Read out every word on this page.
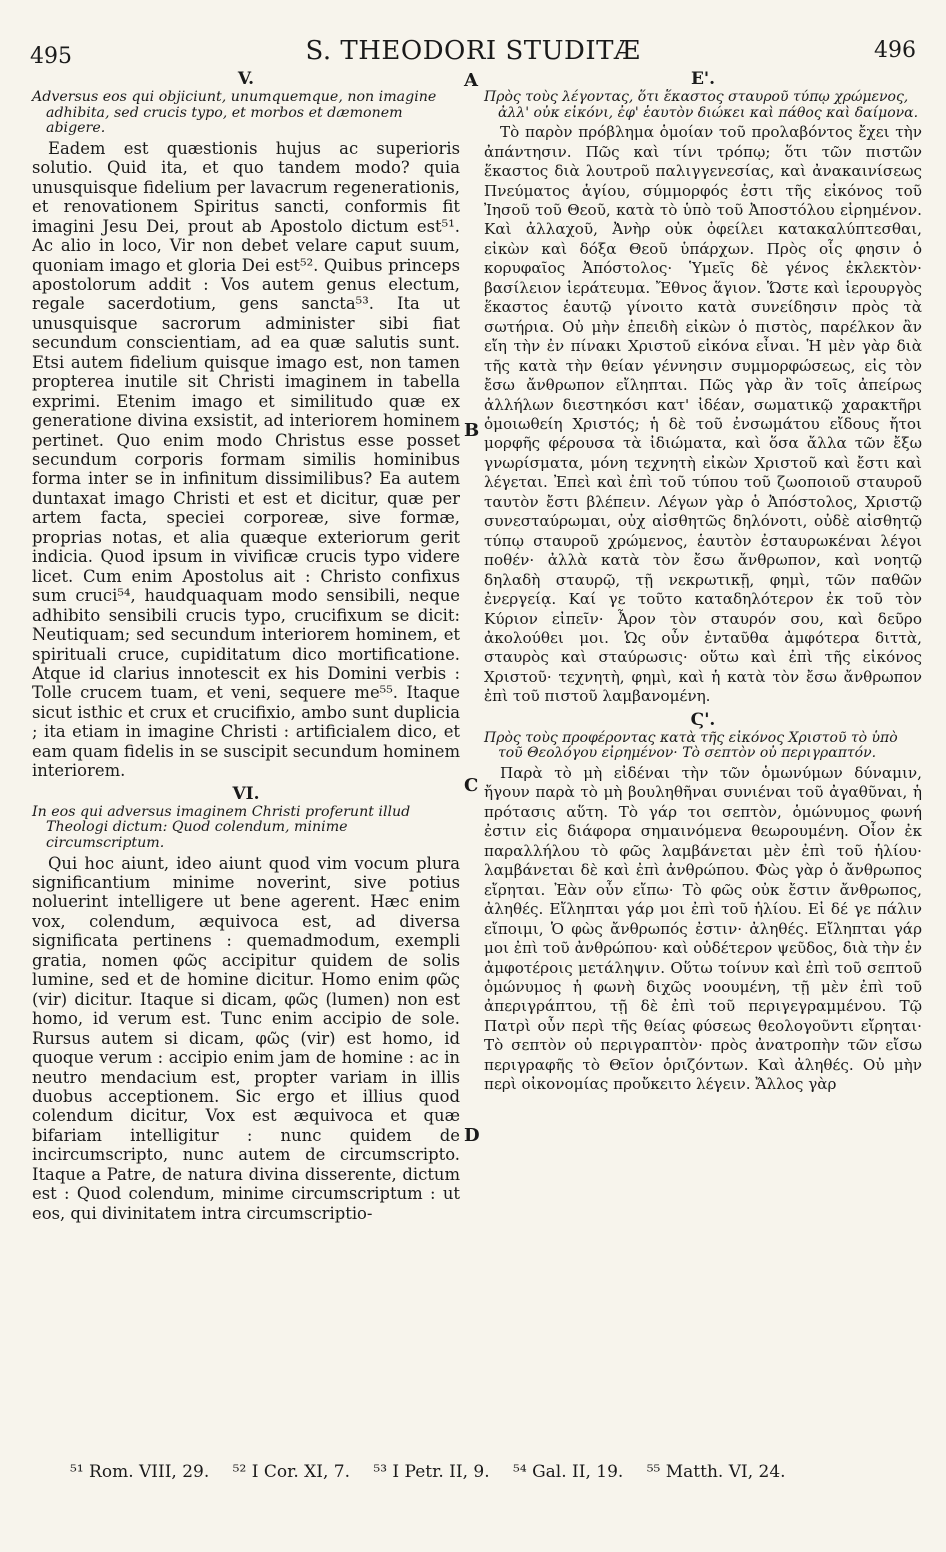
495	S. THEODORI STUDITÆ	496
A
B
C
D

V.

Adversus eos qui objiciunt, unumquemque, non imagine adhibita, sed crucis typo, et morbos et dæmonem abigere.

Eadem est quæstionis hujus ac superioris solutio. Quid ita, et quo tandem modo? quia unusquisque fidelium per lavacrum regenerationis, et renovationem Spiritus sancti, conformis fit imagini Jesu Dei, prout ab Apostolo dictum est⁵¹. Ac alio in loco, Vir non debet velare caput suum, quoniam imago et gloria Dei est⁵². Quibus princeps apostolorum addit : Vos autem genus electum, regale sacerdotium, gens sancta⁵³. Ita ut unusquisque sacrorum administer sibi fiat secundum conscientiam, ad ea quæ salutis sunt. Etsi autem fidelium quisque imago est, non tamen propterea inutile sit Christi imaginem in tabella exprimi. Etenim imago et similitudo quæ ex generatione divina exsistit, ad interiorem hominem pertinet. Quo enim modo Christus esse posset secundum corporis formam similis hominibus forma inter se in infinitum dissimilibus? Ea autem duntaxat imago Christi et est et dicitur, quæ per artem facta, speciei corporeæ, sive formæ, proprias notas, et alia quæque exteriorum gerit indicia. Quod ipsum in vivificæ crucis typo videre licet. Cum enim Apostolus ait : Christo confixus sum cruci⁵⁴, haudquaquam modo sensibili, neque adhibito sensibili crucis typo, crucifixum se dicit: Neutiquam; sed secundum interiorem hominem, et spirituali cruce, cupiditatum dico mortificatione. Atque id clarius innotescit ex his Domini verbis : Tolle crucem tuam, et veni, sequere me⁵⁵. Itaque sicut isthic et crux et crucifixio, ambo sunt duplicia ; ita etiam in imagine Christi : artificialem dico, et eam quam fidelis in se suscipit secundum hominem interiorem.

VI.

In eos qui adversus imaginem Christi proferunt illud Theologi dictum: Quod colendum, minime circumscriptum.

Qui hoc aiunt, ideo aiunt quod vim vocum plura significantium minime noverint, sive potius noluerint intelligere ut bene agerent. Hæc enim vox, colendum, æquivoca est, ad diversa significata pertinens : quemadmodum, exempli gratia, nomen φῶς accipitur quidem de solis lumine, sed et de homine dicitur. Homo enim φῶς (vir) dicitur. Itaque si dicam, φῶς (lumen) non est homo, id verum est. Tunc enim accipio de sole. Rursus autem si dicam, φῶς (vir) est homo, id quoque verum : accipio enim jam de homine : ac in neutro mendacium est, propter variam in illis duobus acceptionem. Sic ergo et illius quod colendum dicitur, Vox est æquivoca et quæ bifariam intelligitur : nunc quidem de incircumscripto, nunc autem de circumscripto. Itaque a Patre, de natura divina disserente, dictum est : Quod colendum, minime circumscriptum : ut eos, qui divinitatem intra circumscriptio-

Ε'.

Πρὸς τοὺς λέγοντας, ὅτι ἕκαστος σταυροῦ τύπῳ χρώμενος, ἀλλ' οὐκ εἰκόνι, ἐφ' ἑαυτὸν διώκει καὶ πάθος καὶ δαίμονα.

Τὸ παρὸν πρόβλημα ὁμοίαν τοῦ προλαβόντος ἔχει τὴν ἀπάντησιν. Πῶς καὶ τίνι τρόπῳ; ὅτι τῶν πιστῶν ἕκαστος διὰ λουτροῦ παλιγγενεσίας, καὶ ἀνακαινίσεως Πνεύματος ἁγίου, σύμμορφός ἐστι τῆς εἰκόνος τοῦ Ἰησοῦ τοῦ Θεοῦ, κατὰ τὸ ὑπὸ τοῦ Ἀποστόλου εἰρημένον. Καὶ ἀλλαχοῦ, Ἀνὴρ οὐκ ὀφείλει κατακαλύπτεσθαι, εἰκὼν καὶ δόξα Θεοῦ ὑπάρχων. Πρὸς οἷς φησιν ὁ κορυφαῖος Ἀπόστολος· Ὑμεῖς δὲ γένος ἐκλεκτὸν· βασίλειον ἱεράτευμα. Ἔθνος ἅγιον. Ὥστε καὶ ἱερουργὸς ἕκαστος ἑαυτῷ γίνοιτο κατὰ συνείδησιν πρὸς τὰ σωτήρια. Οὐ μὴν ἐπειδὴ εἰκὼν ὁ πιστὸς, παρέλκον ἂν εἴη τὴν ἐν πίνακι Χριστοῦ εἰκόνα εἶναι. Ἡ μὲν γὰρ διὰ τῆς κατὰ τὴν θείαν γέννησιν συμμορφώσεως, εἰς τὸν ἔσω ἄνθρωπον εἴληπται. Πῶς γὰρ ἂν τοῖς ἀπείρως ἀλλήλων διεστηκόσι κατ' ἰδέαν, σωματικῷ χαρακτῆρι ὁμοιωθείη Χριστός; ἡ δὲ τοῦ ἐνσωμάτου εἴδους ἤτοι μορφῆς φέρουσα τὰ ἰδιώματα, καὶ ὅσα ἄλλα τῶν ἔξω γνωρίσματα, μόνη τεχνητὴ εἰκὼν Χριστοῦ καὶ ἔστι καὶ λέγεται. Ἐπεὶ καὶ ἐπὶ τοῦ τύπου τοῦ ζωοποιοῦ σταυροῦ ταυτὸν ἔστι βλέπειν. Λέγων γὰρ ὁ Ἀπόστολος, Χριστῷ συνεσταύρωμαι, οὐχ αἰσθητῶς δηλόνοτι, οὐδὲ αἰσθητῷ τύπῳ σταυροῦ χρώμενος, ἑαυτὸν ἐσταυρωκέναι λέγοι ποθέν· ἀλλὰ κατὰ τὸν ἔσω ἄνθρωπον, καὶ νοητῷ δηλαδὴ σταυρῷ, τῇ νεκρωτικῇ, φημὶ, τῶν παθῶν ἐνεργείᾳ. Καί γε τοῦτο καταδηλότερον ἐκ τοῦ τὸν Κύριον εἰπεῖν· Ἆρον τὸν σταυρόν σου, καὶ δεῦρο ἀκολούθει μοι. Ὡς οὖν ἐνταῦθα ἀμφότερα διττὰ, σταυρὸς καὶ σταύρωσις· οὕτω καὶ ἐπὶ τῆς εἰκόνος Χριστοῦ· τεχνητὴ, φημὶ, καὶ ἡ κατὰ τὸν ἔσω ἄνθρωπον ἐπὶ τοῦ πιστοῦ λαμβανομένη.

Ϛ'.

Πρὸς τοὺς προφέροντας κατὰ τῆς εἰκόνος Χριστοῦ τὸ ὑπὸ τοῦ Θεολόγου εἰρημένον· Τὸ σεπτὸν οὐ περιγραπτόν.

Παρὰ τὸ μὴ εἰδέναι τὴν τῶν ὁμωνύμων δύναμιν, ἤγουν παρὰ τὸ μὴ βουληθῆναι συνιέναι τοῦ ἀγαθῦναι, ἡ πρότασις αὕτη. Τὸ γάρ τοι σεπτὸν, ὁμώνυμος φωνή ἐστιν εἰς διάφορα σημαινόμενα θεωρουμένη. Οἷον ἐκ παραλλήλου τὸ φῶς λαμβάνεται μὲν ἐπὶ τοῦ ἡλίου· λαμβάνεται δὲ καὶ ἐπὶ ἀνθρώπου. Φὼς γὰρ ὁ ἄνθρωπος εἴρηται. Ἐὰν οὖν εἴπω· Τὸ φῶς οὐκ ἔστιν ἄνθρωπος, ἀληθές. Εἴληπται γάρ μοι ἐπὶ τοῦ ἡλίου. Εἰ δέ γε πάλιν εἴποιμι, Ὁ φὼς ἄνθρωπός ἐστιν· ἀληθές. Εἴληπται γάρ μοι ἐπὶ τοῦ ἀνθρώπου· καὶ οὐδέτερον ψεῦδος, διὰ τὴν ἐν ἀμφοτέροις μετάληψιν. Οὕτω τοίνυν καὶ ἐπὶ τοῦ σεπτοῦ ὁμώνυμος ἡ φωνὴ διχῶς νοουμένη, τῇ μὲν ἐπὶ τοῦ ἀπεριγράπτου, τῇ δὲ ἐπὶ τοῦ περιγεγραμμένου. Τῷ Πατρὶ οὖν περὶ τῆς θείας φύσεως θεολογοῦντι εἴρηται· Τὸ σεπτὸν οὐ περιγραπτὸν· πρὸς ἀνατροπὴν τῶν εἴσω περιγραφῆς τὸ Θεῖον ὁριζόντων. Καὶ ἀληθές. Οὐ μὴν περὶ οἰκονομίας προὔκειτο λέγειν. Ἄλλος γὰρ

⁵¹ Rom. VIII, 29. ⁵² I Cor. XI, 7. ⁵³ I Petr. II, 9. ⁵⁴ Gal. II, 19. ⁵⁵ Matth. VI, 24.
